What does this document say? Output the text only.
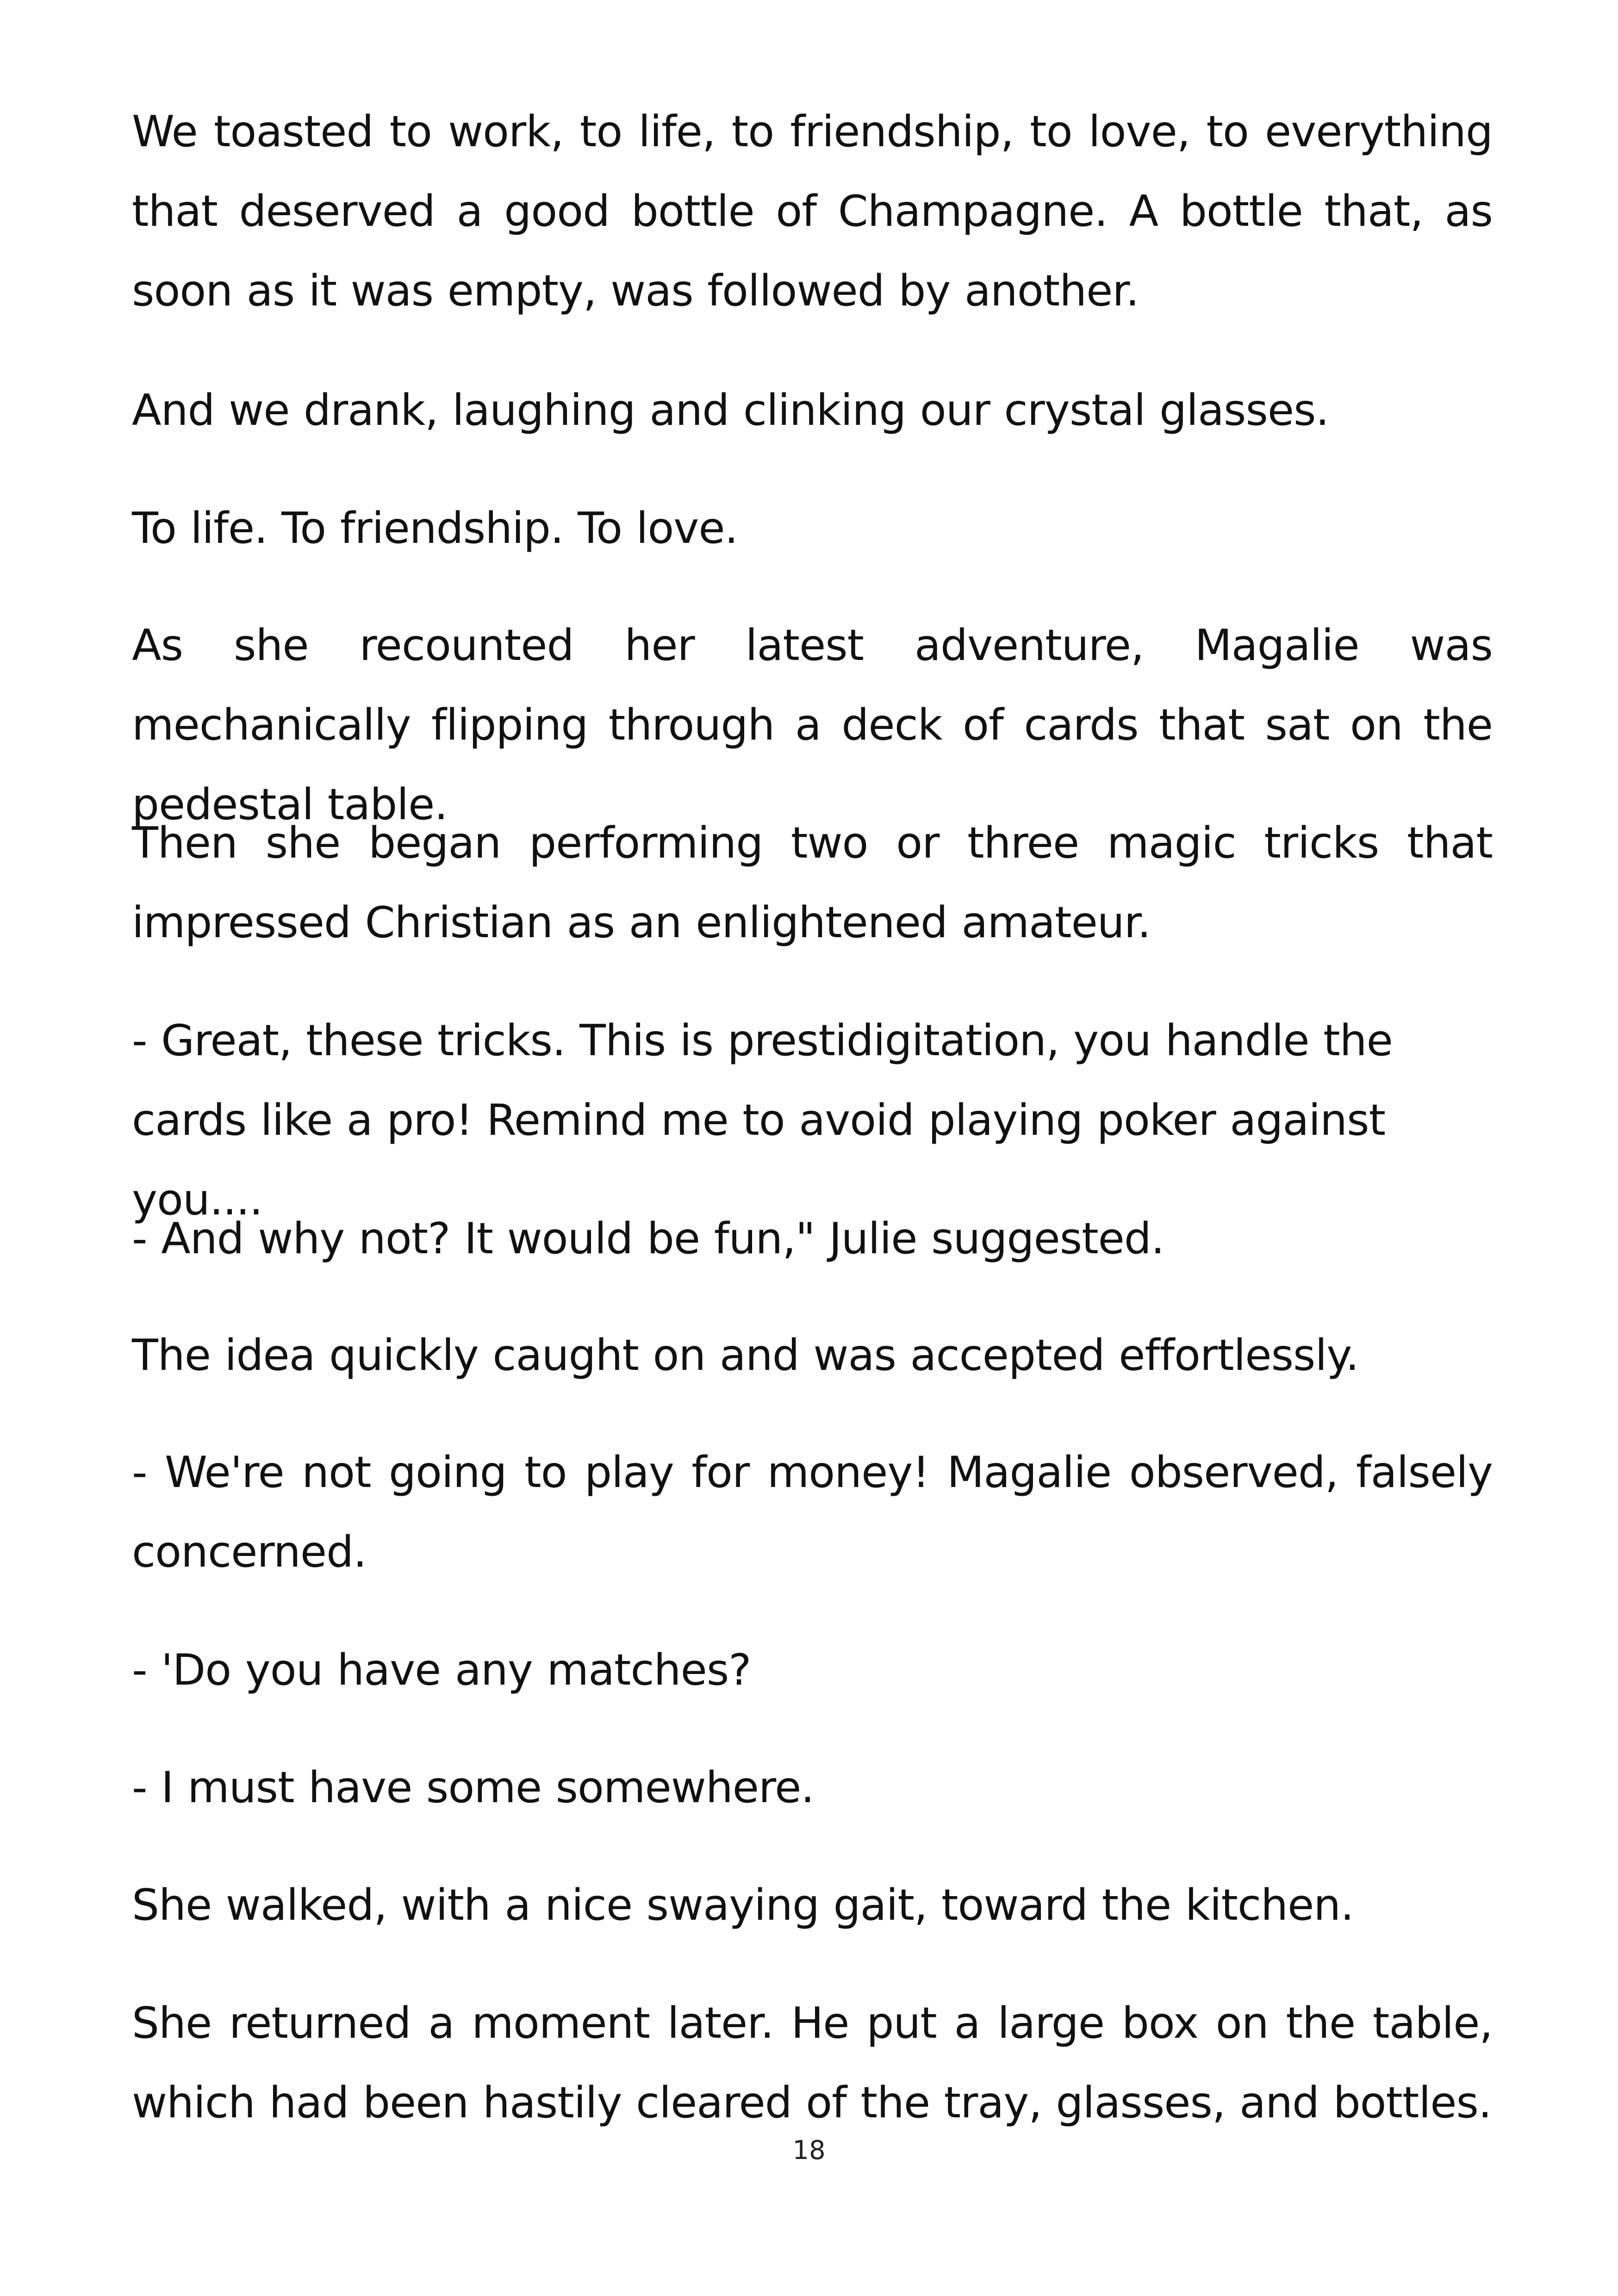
We toasted to work, to life, to friendship, to love, to everything that deserved a good bottle of Champagne. A bottle that, as soon as it was empty, was followed by another.

And we drank, laughing and clinking our crystal glasses.

To life. To friendship. To love.

As she recounted her latest adventure, Magalie was mechanically flipping through a deck of cards that sat on the pedestal table.

Then she began performing two or three magic tricks that impressed Christian as an enlightened amateur.

- Great, these tricks. This is prestidigitation, you handle the cards like a pro! Remind me to avoid playing poker against you....

- And why not? It would be fun," Julie suggested.

The idea quickly caught on and was accepted effortlessly.

- We're not going to play for money! Magalie observed, falsely concerned.

- 'Do you have any matches?

- I must have some somewhere.

She walked, with a nice swaying gait, toward the kitchen.

She returned a moment later. He put a large box on the table, which had been hastily cleared of the tray, glasses, and bottles.

18
